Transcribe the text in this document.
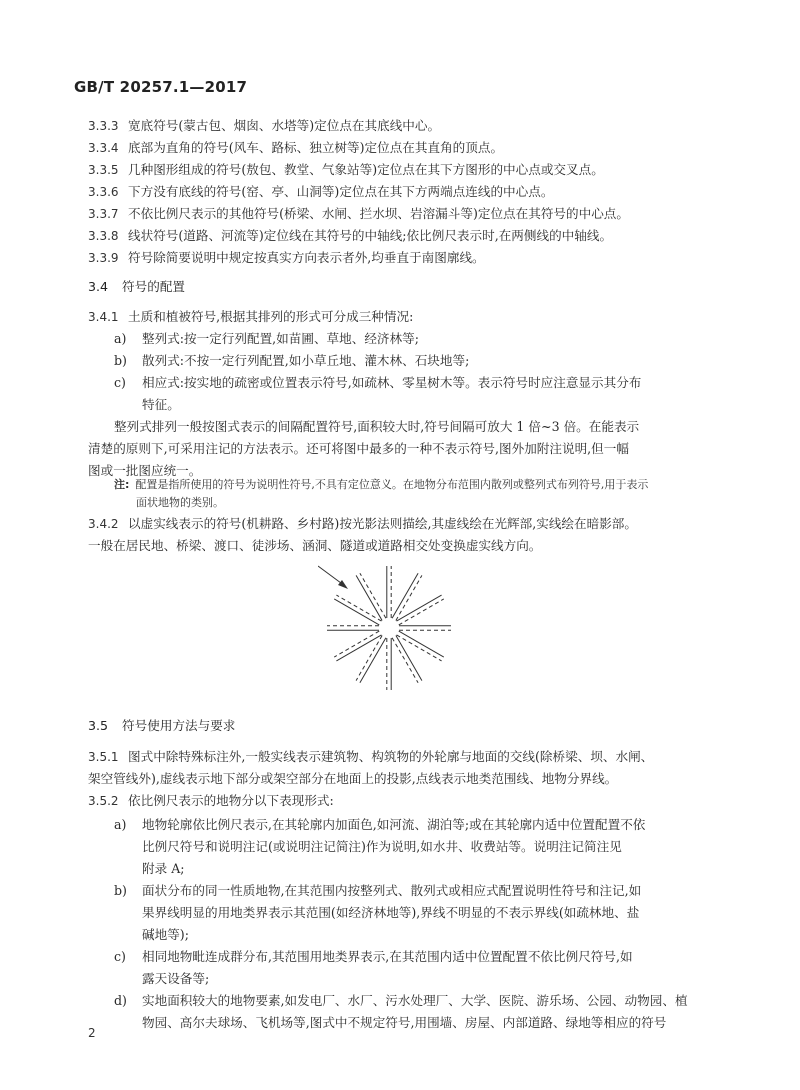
GB/T 20257.1—2017
3.3.3 宽底符号(蒙古包、烟囱、水塔等)定位点在其底线中心。
3.3.4 底部为直角的符号(风车、路标、独立树等)定位点在其直角的顶点。
3.3.5 几种图形组成的符号(敖包、教堂、气象站等)定位点在其下方图形的中心点或交叉点。
3.3.6 下方没有底线的符号(窑、亭、山洞等)定位点在其下方两端点连线的中心点。
3.3.7 不依比例尺表示的其他符号(桥梁、水闸、拦水坝、岩溶漏斗等)定位点在其符号的中心点。
3.3.8 线状符号(道路、河流等)定位线在其符号的中轴线;依比例尺表示时,在两侧线的中轴线。
3.3.9 符号除简要说明中规定按真实方向表示者外,均垂直于南图廓线。
3.4 符号的配置
3.4.1 土质和植被符号,根据其排列的形式可分成三种情况:
a) 整列式:按一定行列配置,如苗圃、草地、经济林等;
b) 散列式:不按一定行列配置,如小草丘地、灌木林、石块地等;
c) 相应式:按实地的疏密或位置表示符号,如疏林、零星树木等。表示符号时应注意显示其分布
特征。
整列式排列一般按图式表示的间隔配置符号,面积较大时,符号间隔可放大 1 倍~3 倍。在能表示
清楚的原则下,可采用注记的方法表示。还可将图中最多的一种不表示符号,图外加附注说明,但一幅
图或一批图应统一。
注: 配置是指所使用的符号为说明性符号,不具有定位意义。在地物分布范围内散列或整列式布列符号,用于表示
面状地物的类别。
3.4.2 以虚实线表示的符号(机耕路、乡村路)按光影法则描绘,其虚线绘在光辉部,实线绘在暗影部。
一般在居民地、桥梁、渡口、徒涉场、涵洞、隧道或道路相交处变换虚实线方向。
3.5 符号使用方法与要求
3.5.1 图式中除特殊标注外,一般实线表示建筑物、构筑物的外轮廓与地面的交线(除桥梁、坝、水闸、
架空管线外),虚线表示地下部分或架空部分在地面上的投影,点线表示地类范围线、地物分界线。
3.5.2 依比例尺表示的地物分以下表现形式:
a) 地物轮廓依比例尺表示,在其轮廓内加面色,如河流、湖泊等;或在其轮廓内适中位置配置不依
比例尺符号和说明注记(或说明注记简注)作为说明,如水井、收费站等。说明注记简注见
附录 A;
b) 面状分布的同一性质地物,在其范围内按整列式、散列式或相应式配置说明性符号和注记,如
果界线明显的用地类界表示其范围(如经济林地等),界线不明显的不表示界线(如疏林地、盐
碱地等);
c) 相同地物毗连成群分布,其范围用地类界表示,在其范围内适中位置配置不依比例尺符号,如
露天设备等;
d) 实地面积较大的地物要素,如发电厂、水厂、污水处理厂、大学、医院、游乐场、公园、动物园、植
物园、高尔夫球场、飞机场等,图式中不规定符号,用围墙、房屋、内部道路、绿地等相应的符号
2
